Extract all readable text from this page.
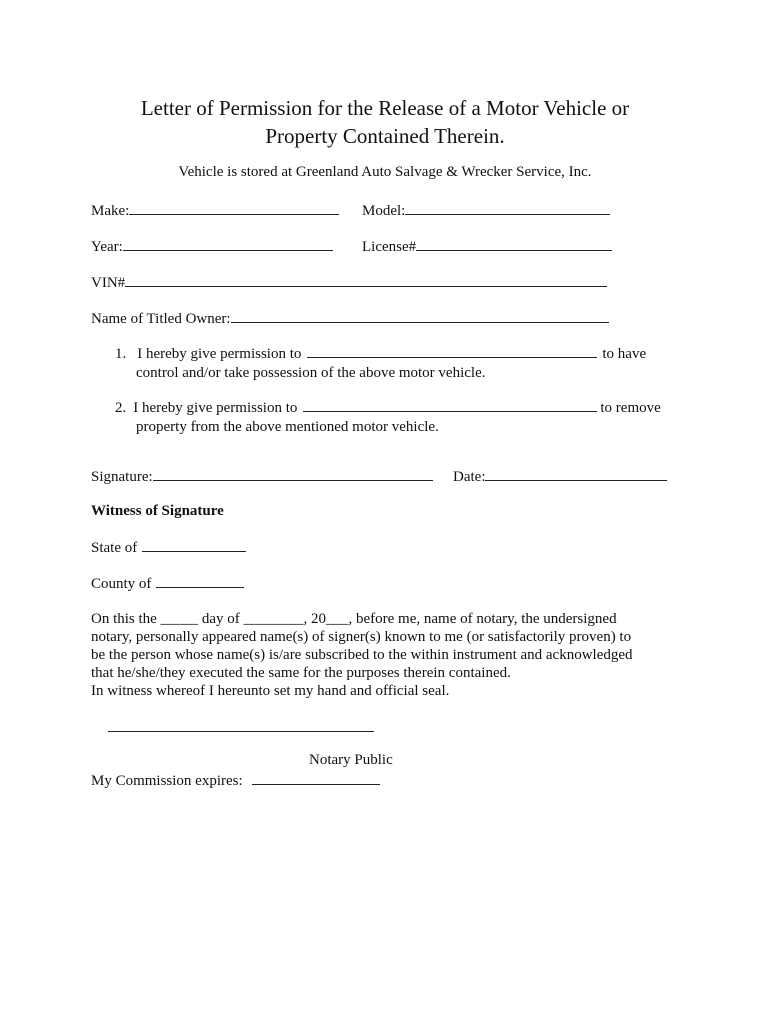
Letter of Permission for the Release of a Motor Vehicle or
Property Contained Therein.
Vehicle is stored at Greenland Auto Salvage & Wrecker Service, Inc.
Make:	Model:
Year:	License#
VIN#
Name of Titled Owner:
1. I hereby give permission to	to have
control and/or take possession of the above motor vehicle.
2. I hereby give permission to	to remove
property from the above mentioned motor vehicle.
Signature:	Date:
Witness of Signature
State of
County of
On this the _____ day of ________, 20___, before me, name of notary, the undersigned
notary, personally appeared name(s) of signer(s) known to me (or satisfactorily proven) to
be the person whose name(s) is/are subscribed to the within instrument and acknowledged
that he/she/they executed the same for the purposes therein contained.
In witness whereof I hereunto set my hand and official seal.
Notary Public
My Commission expires:
